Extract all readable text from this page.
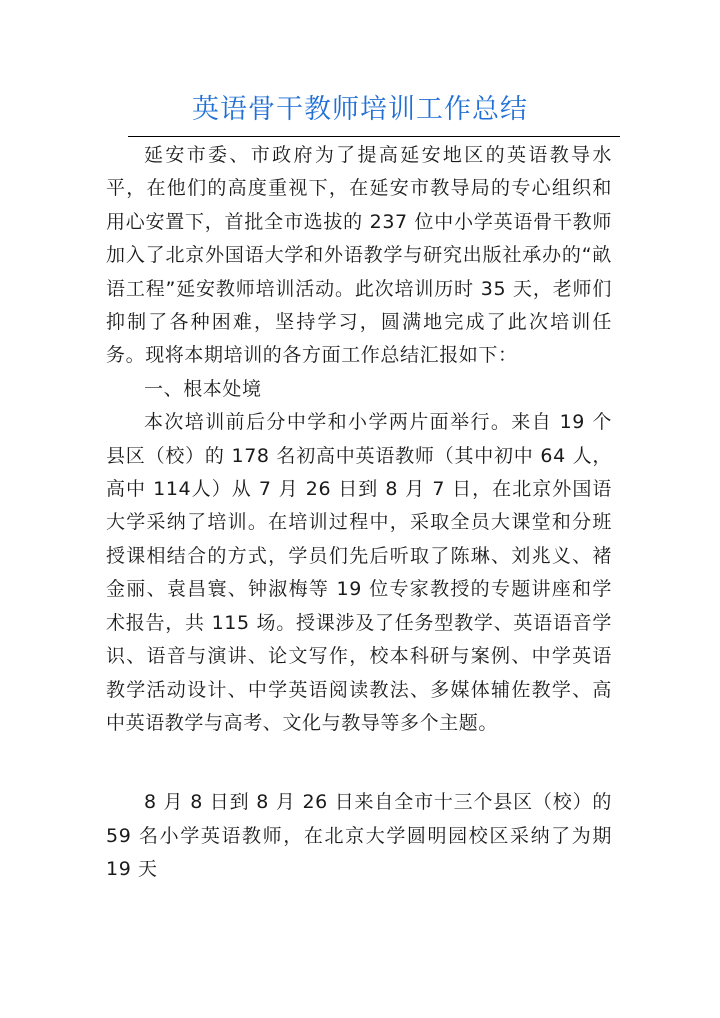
英语骨干教师培训工作总结

延安市委、市政府为了提高延安地区的英语教导水平，在他们的高度重视下，在延安市教导局的专心组织和用心安置下，首批全市选拔的 237 位中小学英语骨干教师加入了北京外国语大学和外语教学与研究出版社承办的“畝语工程”延安教师培训活动。此次培训历时 35 天，老师们抑制了各种困难，坚持学习，圆满地完成了此次培训任务。现将本期培训的各方面工作总结汇报如下：

一、根本处境

本次培训前后分中学和小学两片面举行。来自 19 个县区（校）的 178 名初高中英语教师（其中初中 64 人，高中 114人）从 7 月 26 日到 8 月 7 日，在北京外国语大学采纳了培训。在培训过程中，采取全员大课堂和分班授课相结合的方式，学员们先后听取了陈琳、刘兆义、褚金丽、袁昌寰、钟淑梅等 19 位专家教授的专题讲座和学术报告，共 115 场。授课涉及了任务型教学、英语语音学识、语音与演讲、论文写作，校本科研与案例、中学英语教学活动设计、中学英语阅读教法、多媒体辅佐教学、高中英语教学与高考、文化与教导等多个主题。

8 月 8 日到 8 月 26 日来自全市十三个县区（校）的 59 名小学英语教师，在北京大学圆明园校区采纳了为期 19 天
